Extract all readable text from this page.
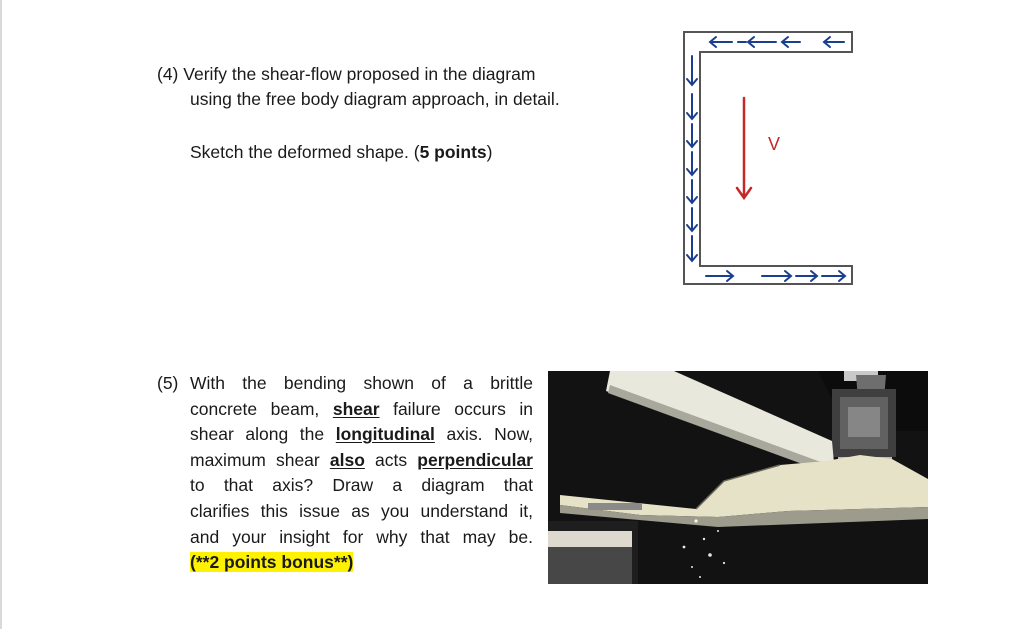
(4) Verify the shear-flow proposed in the diagram
using the free body diagram approach, in detail.
Sketch the deformed shape. (5 points)	V
(5) With the bending shown of a brittle
concrete beam, shear failure occurs in
shear along the longitudinal axis. Now,
maximum shear also acts perpendicular
to that axis? Draw a diagram that
clarifies this issue as you understand it,
and your insight for why that may be.
(**2 points bonus**)
